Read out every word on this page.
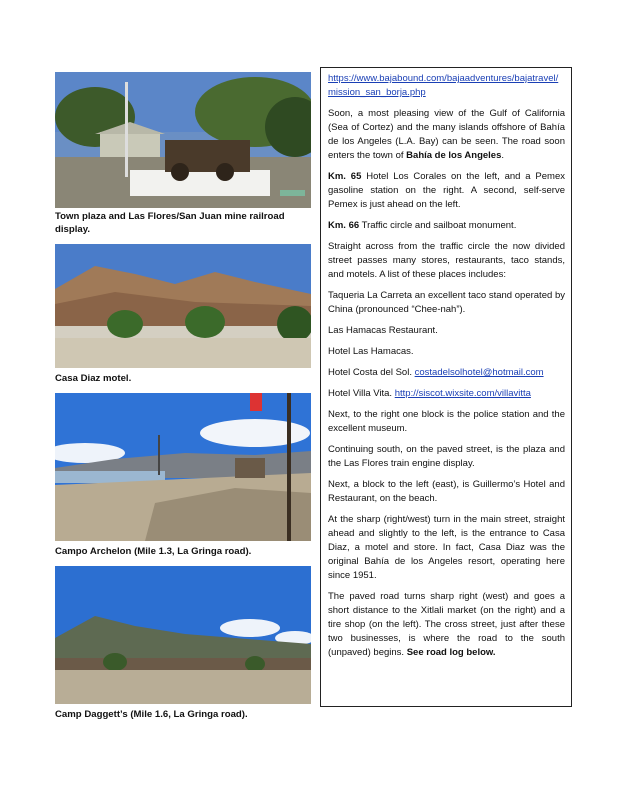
Town plaza and Las Flores/San Juan mine railroad display.
Casa Diaz motel.
Campo Archelon (Mile 1.3, La Gringa road).
Camp Daggett’s (Mile 1.6, La Gringa road).

https://www.bajabound.com/bajaadventures/bajatravel/mission_san_borja.php

Soon, a most pleasing view of the Gulf of California (Sea of Cortez) and the many islands offshore of Bahía de los Angeles (L.A. Bay) can be seen. The road soon enters the town of Bahía de los Angeles.

Km. 65 Hotel Los Corales on the left, and a Pemex gasoline station on the right. A second, self-serve Pemex is just ahead on the left.

Km. 66 Traffic circle and sailboat monument.

Straight across from the traffic circle the now divided street passes many stores, restaurants, taco stands, and motels. A list of these places includes:

Taqueria La Carreta an excellent taco stand operated by China (pronounced “Chee-nah”).

Las Hamacas Restaurant.

Hotel Las Hamacas.

Hotel Costa del Sol. costadelsolhotel@hotmail.com

Hotel Villa Vita. http://siscot.wixsite.com/villavitta

Next, to the right one block is the police station and the excellent museum.

Continuing south, on the paved street, is the plaza and the Las Flores train engine display.

Next, a block to the left (east), is Guillermo’s Hotel and Restaurant, on the beach.

At the sharp (right/west) turn in the main street, straight ahead and slightly to the left, is the entrance to Casa Diaz, a motel and store. In fact, Casa Diaz was the original Bahía de los Angeles resort, operating here since 1951.

The paved road turns sharp right (west) and goes a short distance to the Xitlali market (on the right) and a tire shop (on the left). The cross street, just after these two businesses, is where the road to the south (unpaved) begins. See road log below.
